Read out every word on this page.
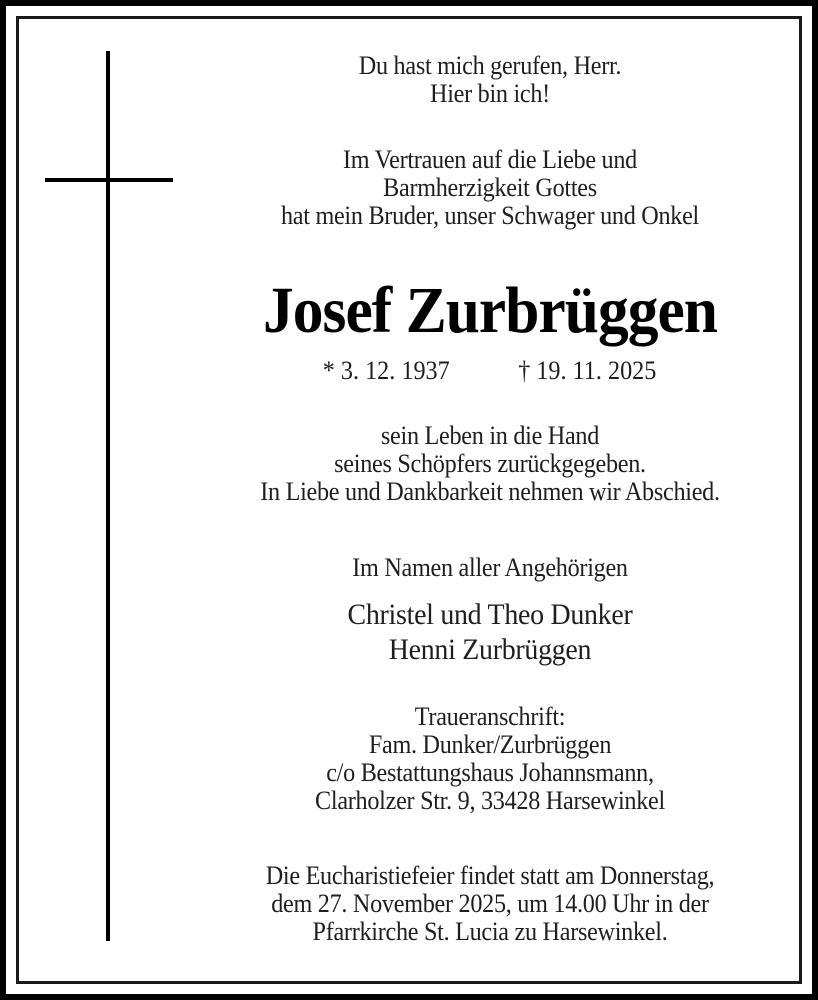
Du hast mich gerufen, Herr.
Hier bin ich!
Im Vertrauen auf die Liebe und
Barmherzigkeit Gottes
hat mein Bruder, unser Schwager und Onkel
Josef Zurbrüggen
* 3. 12. 1937	† 19. 11. 2025
sein Leben in die Hand
seines Schöpfers zurückgegeben.
In Liebe und Dankbarkeit nehmen wir Abschied.
Im Namen aller Angehörigen
Christel und Theo Dunker
Henni Zurbrüggen
Traueranschrift:
Fam. Dunker/Zurbrüggen
c/o Bestattungshaus Johannsmann,
Clarholzer Str. 9, 33428 Harsewinkel
Die Eucharistiefeier findet statt am Donnerstag,
dem 27. November 2025, um 14.00 Uhr in der
Pfarrkirche St. Lucia zu Harsewinkel.
